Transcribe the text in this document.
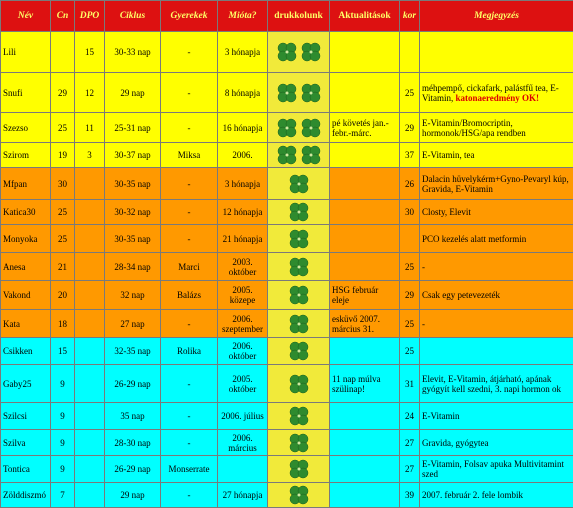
Név	Cn	DPO	Ciklus	Gyerekek	Mióta?	drukkolunk	Aktualitások	kor	Megjegyzés
Lili		15	30-33 nap	-	3 hónapja				
Snufi	29	12	29 nap	-	8 hónapja			25	méhpempő, cickafark, palástfű tea, E-Vitamin, katonaeredmény OK!
Szezso	25	11	25-31 nap	-	16 hónapja		pé követés jan.-febr.-márc.	29	E-Vitamin/Bromocriptin, hormonok/HSG/apa rendben
Szirom	19	3	30-37 nap	Miksa	2006.			37	E-Vitamin, tea
Mfpan	30		30-35 nap	-	3 hónapja			26	Dalacin hüvelykérm+Gyno-Pevaryl kúp, Gravida, E-Vitamin
Katica30	25		30-32 nap	-	12 hónapja			30	Closty, Elevit
Monyoka	25		30-35 nap	-	21 hónapja				PCO kezelés alatt metformin
Anesa	21		28-34 nap	Marci	2003. október			25	-
Vakond	20		32 nap	Balázs	2005. közepe		HSG február eleje	29	Csak egy petevezeték
Kata	18		27 nap	-	2006. szeptember		esküvő 2007. március 31.	25	-
Csikken	15		32-35 nap	Rolika	2006. október			25	
Gaby25	9		26-29 nap	-	2005. október		11 nap múlva szülinap!	31	Elevit, E-Vitamin, átjárható, apának gyógyít kell szedni, 3. napi hormon ok
Szilcsi	9		35 nap	-	2006. július			24	E-Vitamin
Szilva	9		28-30 nap	-	2006. március			27	Gravida, gyógytea
Tontica	9		26-29 nap	Monserrate				27	E-Vitamin, Folsav apuka Multivitamint szed
Zölddiszmó	7		29 nap	-	27 hónapja			39	2007. február 2. fele lombik
